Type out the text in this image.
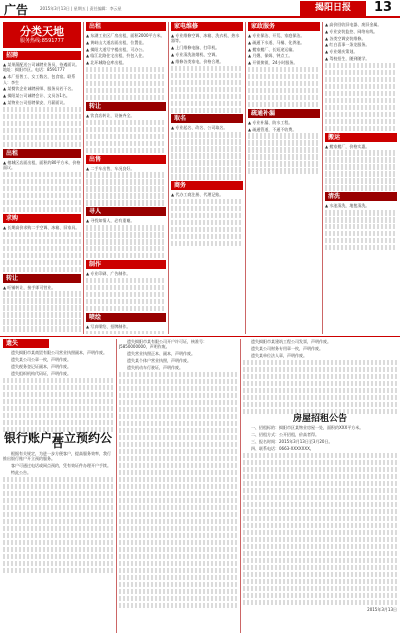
广告	2015年3月13日 | 星期五 | 责任编辑：李云星	揭阳日报	13
分类天地
服务热线:8591777
招聘

▲ 某果蔬配送公司诚聘业务员，待遇面议。地址：揭阳市区。电话：8591777

▲ 本厂招普工、女工数名，包食宿。联系人：李生

▲ 某餐饮企业诚聘厨师、服务员若干名。

▲ 揭阳某公司诚聘会计、文员各1名。

▲ 某物业公司招聘保安，月薪面议。

出租

▲ 榕城区店面出租，面积约80平方米，价格面议。

求购

▲ 长期高价求购二手空调、冰箱、旧家具。

转让

▲ 旺铺转让，接手即可营业。

出租

▲ 东湖工业区厂房出租，面积2000平方米。

▲ 黄岐山大道店面出租，位置佳。

▲ 揭阳大道写字楼出租，可办公。

▲ 临江北路住宅出租，拎包入住。

▲ 北环城路仓库出租。

转让

▲ 饮食店转让，设备齐全。

出售

▲ 二手车出售，车况良好。

寻人

▲ 寻找知情人，必有重谢。

制作

▲ 专业印刷、广告制作。

喷绘

▲ 写真喷绘、招牌制作。

家电维修

▲ 专业维修空调、冰箱、洗衣机、热水器等。

▲ 上门维修电脑、打印机。

▲ 专业清洗油烟机、空调。

▲ 维修各类家电，价格合理。

取名

▲ 专业起名、改名、公司取名。

商务

▲ 代办工商注册、代理记账。

家政服务

▲ 专业保洁、开荒、家庭保洁。

▲ 疏通下水道、马桶、化粪池。

▲ 搬家搬厂、长短途运输。

▲ 月嫂、保姆、钟点工。

▲ 开锁换锁，24小时服务。

疏通补漏

▲ 专业补漏、防水工程。

▲ 疏通管道，不通不收费。

▲ 高价回收旧电器、废旧金属。

▲ 专业安装监控、网络布线。

▲ 各类空调安装维修。

▲ 红白喜事一条龙服务。

▲ 专业婚庆策划。

▲ 驾校招生，随到随学。

搬运

▲ 搬家搬厂，价格实惠。

清洗

▲ 水池清洗，地毯清洗。

遗失

遗失揭阳市某商贸有限公司营业执照副本，声明作废。

遗失某公司公章一枚，声明作废。

遗失税务登记证副本，声明作废。

遗失组织机构代码证，声明作废。

银行账户开立预约公告

根据有关规定，为进一步方便客户，提高服务效率，我行推出银行账户开立预约服务。

客户可通过电话或网点预约，凭有效证件办理开户手续。

特此公告。

遗失揭阳市某有限公司开户许可证，核准号：J5850000000，声明作废。

遗失营业执照正本、副本，声明作废。

遗失某个体户营业执照，声明作废。

遗失机动车行驶证，声明作废。

遗失揭阳市某建筑工程公司发票，声明作废。

遗失某公司财务专用章一枚，声明作废。

遗失某单位法人章，声明作废。

房屋招租公告

一、招租标的：揭阳市区某物业房屋一处，面积约XXX平方米。

二、招租方式：公开招租，价高者得。

三、报名时间：2015年3月13日至3月20日。

四、联系电话：0663-XXXXXXX。

2015年3月13日
